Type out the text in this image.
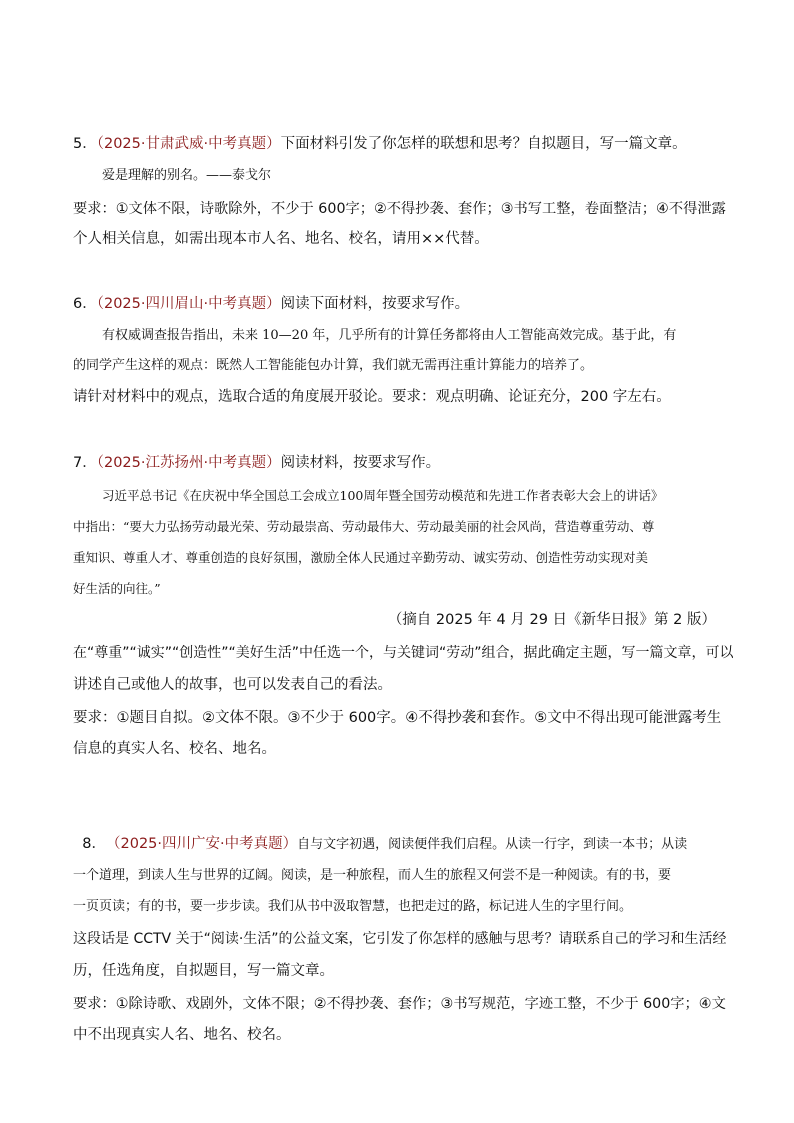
5．（2025·甘肃武威·中考真题）下面材料引发了你怎样的联想和思考？自拟题目，写一篇文章。
爱是理解的别名。——泰戈尔
要求：①文体不限，诗歌除外，不少于 600字；②不得抄袭、套作；③书写工整，卷面整洁；④不得泄露
个人相关信息，如需出现本市人名、地名、校名，请用××代替。
6．（2025·四川眉山·中考真题）阅读下面材料，按要求写作。
有权威调查报告指出，未来 10—20 年，几乎所有的计算任务都将由人工智能高效完成。基于此，有
的同学产生这样的观点：既然人工智能能包办计算，我们就无需再注重计算能力的培养了。
请针对材料中的观点，选取合适的角度展开驳论。要求：观点明确、论证充分，200 字左右。
7．（2025·江苏扬州·中考真题）阅读材料，按要求写作。
习近平总书记《在庆祝中华全国总工会成立100周年暨全国劳动模范和先进工作者表彰大会上的讲话》
中指出：“要大力弘扬劳动最光荣、劳动最崇高、劳动最伟大、劳动最美丽的社会风尚，营造尊重劳动、尊
重知识、尊重人才、尊重创造的良好氛围，激励全体人民通过辛勤劳动、诚实劳动、创造性劳动实现对美
好生活的向往。”
（摘自 2025 年 4 月 29 日《新华日报》第 2 版）
在“尊重”“诚实”“创造性”“美好生活”中任选一个，与关键词“劳动”组合，据此确定主题，写一篇文章，可以
讲述自己或他人的故事，也可以发表自己的看法。
要求：①题目自拟。②文体不限。③不少于 600字。④不得抄袭和套作。⑤文中不得出现可能泄露考生
信息的真实人名、校名、地名。
8．（2025·四川广安·中考真题）自与文字初遇，阅读便伴我们启程。从读一行字，到读一本书；从读
一个道理，到读人生与世界的辽阔。阅读，是一种旅程，而人生的旅程又何尝不是一种阅读。有的书，要
一页页读；有的书，要一步步读。我们从书中汲取智慧，也把走过的路，标记进人生的字里行间。
这段话是 CCTV 关于“阅读·生活”的公益文案，它引发了你怎样的感触与思考？请联系自己的学习和生活经
历，任选角度，自拟题目，写一篇文章。
要求：①除诗歌、戏剧外，文体不限；②不得抄袭、套作；③书写规范，字迹工整，不少于 600字；④文
中不出现真实人名、地名、校名。
